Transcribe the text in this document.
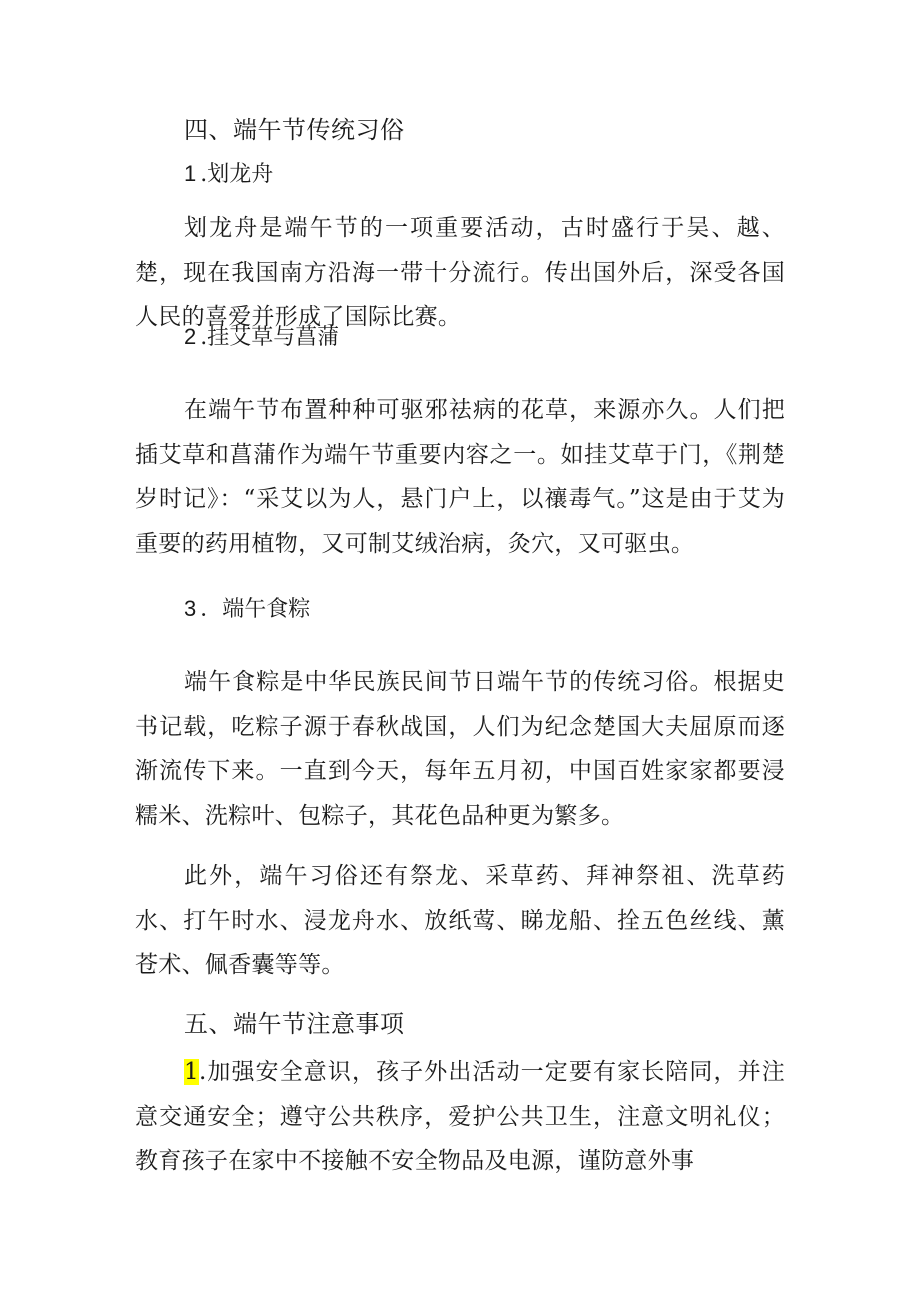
四、端午节传统习俗
1.划龙舟
划龙舟是端午节的一项重要活动，古时盛行于吴、越、楚，现在我国南方沿海一带十分流行。传出国外后，深受各国人民的喜爱并形成了国际比赛。
2.挂艾草与菖蒲
在端午节布置种种可驱邪祛病的花草，来源亦久。人们把插艾草和菖蒲作为端午节重要内容之一。如挂艾草于门，《荆楚岁时记》：“采艾以为人，悬门户上，以禳毒气。”这是由于艾为重要的药用植物，又可制艾绒治病，灸穴，又可驱虫。
3．端午食粽
端午食粽是中华民族民间节日端午节的传统习俗。根据史书记载，吃粽子源于春秋战国，人们为纪念楚国大夫屈原而逐渐流传下来。一直到今天，每年五月初，中国百姓家家都要浸糯米、洗粽叶、包粽子，其花色品种更为繁多。
此外，端午习俗还有祭龙、采草药、拜神祭祖、洗草药水、打午时水、浸龙舟水、放纸莺、睇龙船、拴五色丝线、薰苍术、佩香囊等等。
五、端午节注意事项
1.加强安全意识，孩子外出活动一定要有家长陪同，并注意交通安全；遵守公共秩序，爱护公共卫生，注意文明礼仪；教育孩子在家中不接触不安全物品及电源，谨防意外事
